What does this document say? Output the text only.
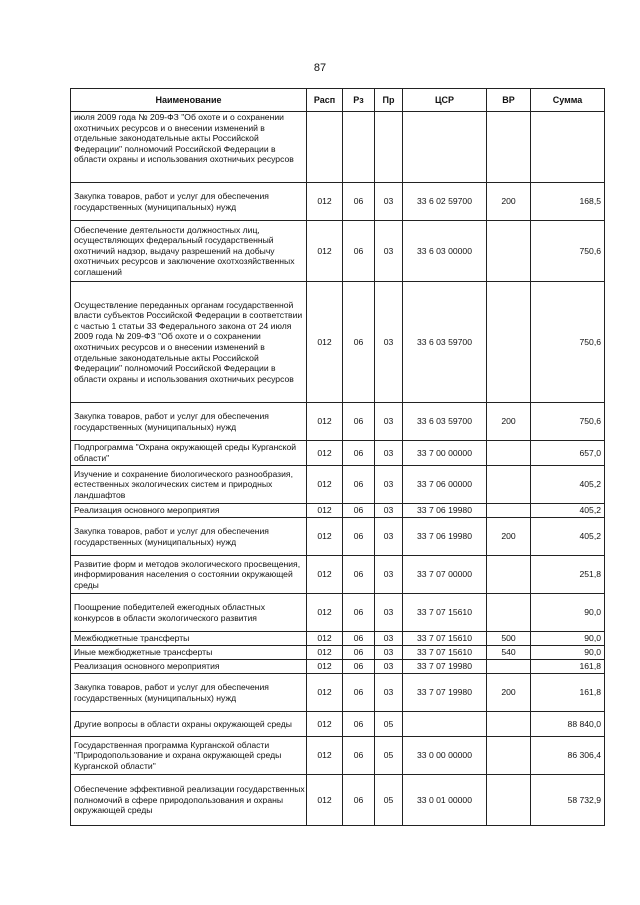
87
Наименование	Расп	Рз	Пр	ЦСР	ВР	Сумма
июля 2009 года № 209-ФЗ "Об охоте и о сохранении охотничьих ресурсов и о внесении изменений в отдельные законодательные акты Российской Федерации" полномочий Российской Федерации в области охраны и использования охотничьих ресурсов						
Закупка товаров, работ и услуг для обеспечения государственных (муниципальных) нужд	012	06	03	33 6 02 59700	200	168,5
Обеспечение деятельности должностных лиц, осуществляющих федеральный государственный охотничий надзор, выдачу разрешений на добычу охотничьих ресурсов и заключение охотхозяйственных соглашений	012	06	03	33 6 03 00000		750,6
Осуществление переданных органам государственной власти субъектов Российской Федерации в соответствии с частью 1 статьи 33 Федерального закона от 24 июля 2009 года № 209-ФЗ "Об охоте и о сохранении охотничьих ресурсов и о внесении изменений в отдельные законодательные акты Российской Федерации" полномочий Российской Федерации в области охраны и использования охотничьих ресурсов	012	06	03	33 6 03 59700		750,6
Закупка товаров, работ и услуг для обеспечения государственных (муниципальных) нужд	012	06	03	33 6 03 59700	200	750,6
Подпрограмма "Охрана окружающей среды Курганской области"	012	06	03	33 7 00 00000		657,0
Изучение и сохранение биологического разнообразия, естественных экологических систем и природных ландшафтов	012	06	03	33 7 06 00000		405,2
Реализация основного мероприятия	012	06	03	33 7 06 19980		405,2
Закупка товаров, работ и услуг для обеспечения государственных (муниципальных) нужд	012	06	03	33 7 06 19980	200	405,2
Развитие форм и методов экологического просвещения, информирования населения о состоянии окружающей среды	012	06	03	33 7 07 00000		251,8
Поощрение победителей ежегодных областных конкурсов в области экологического развития	012	06	03	33 7 07 15610		90,0
Межбюджетные трансферты	012	06	03	33 7 07 15610	500	90,0
Иные межбюджетные трансферты	012	06	03	33 7 07 15610	540	90,0
Реализация основного мероприятия	012	06	03	33 7 07 19980		161,8
Закупка товаров, работ и услуг для обеспечения государственных (муниципальных) нужд	012	06	03	33 7 07 19980	200	161,8
Другие вопросы в области охраны окружающей среды	012	06	05			88 840,0
Государственная программа Курганской области "Природопользование и охрана окружающей среды Курганской области"	012	06	05	33 0 00 00000		86 306,4
Обеспечение эффективной реализации государственных полномочий в сфере природопользования и охраны окружающей среды	012	06	05	33 0 01 00000		58 732,9
